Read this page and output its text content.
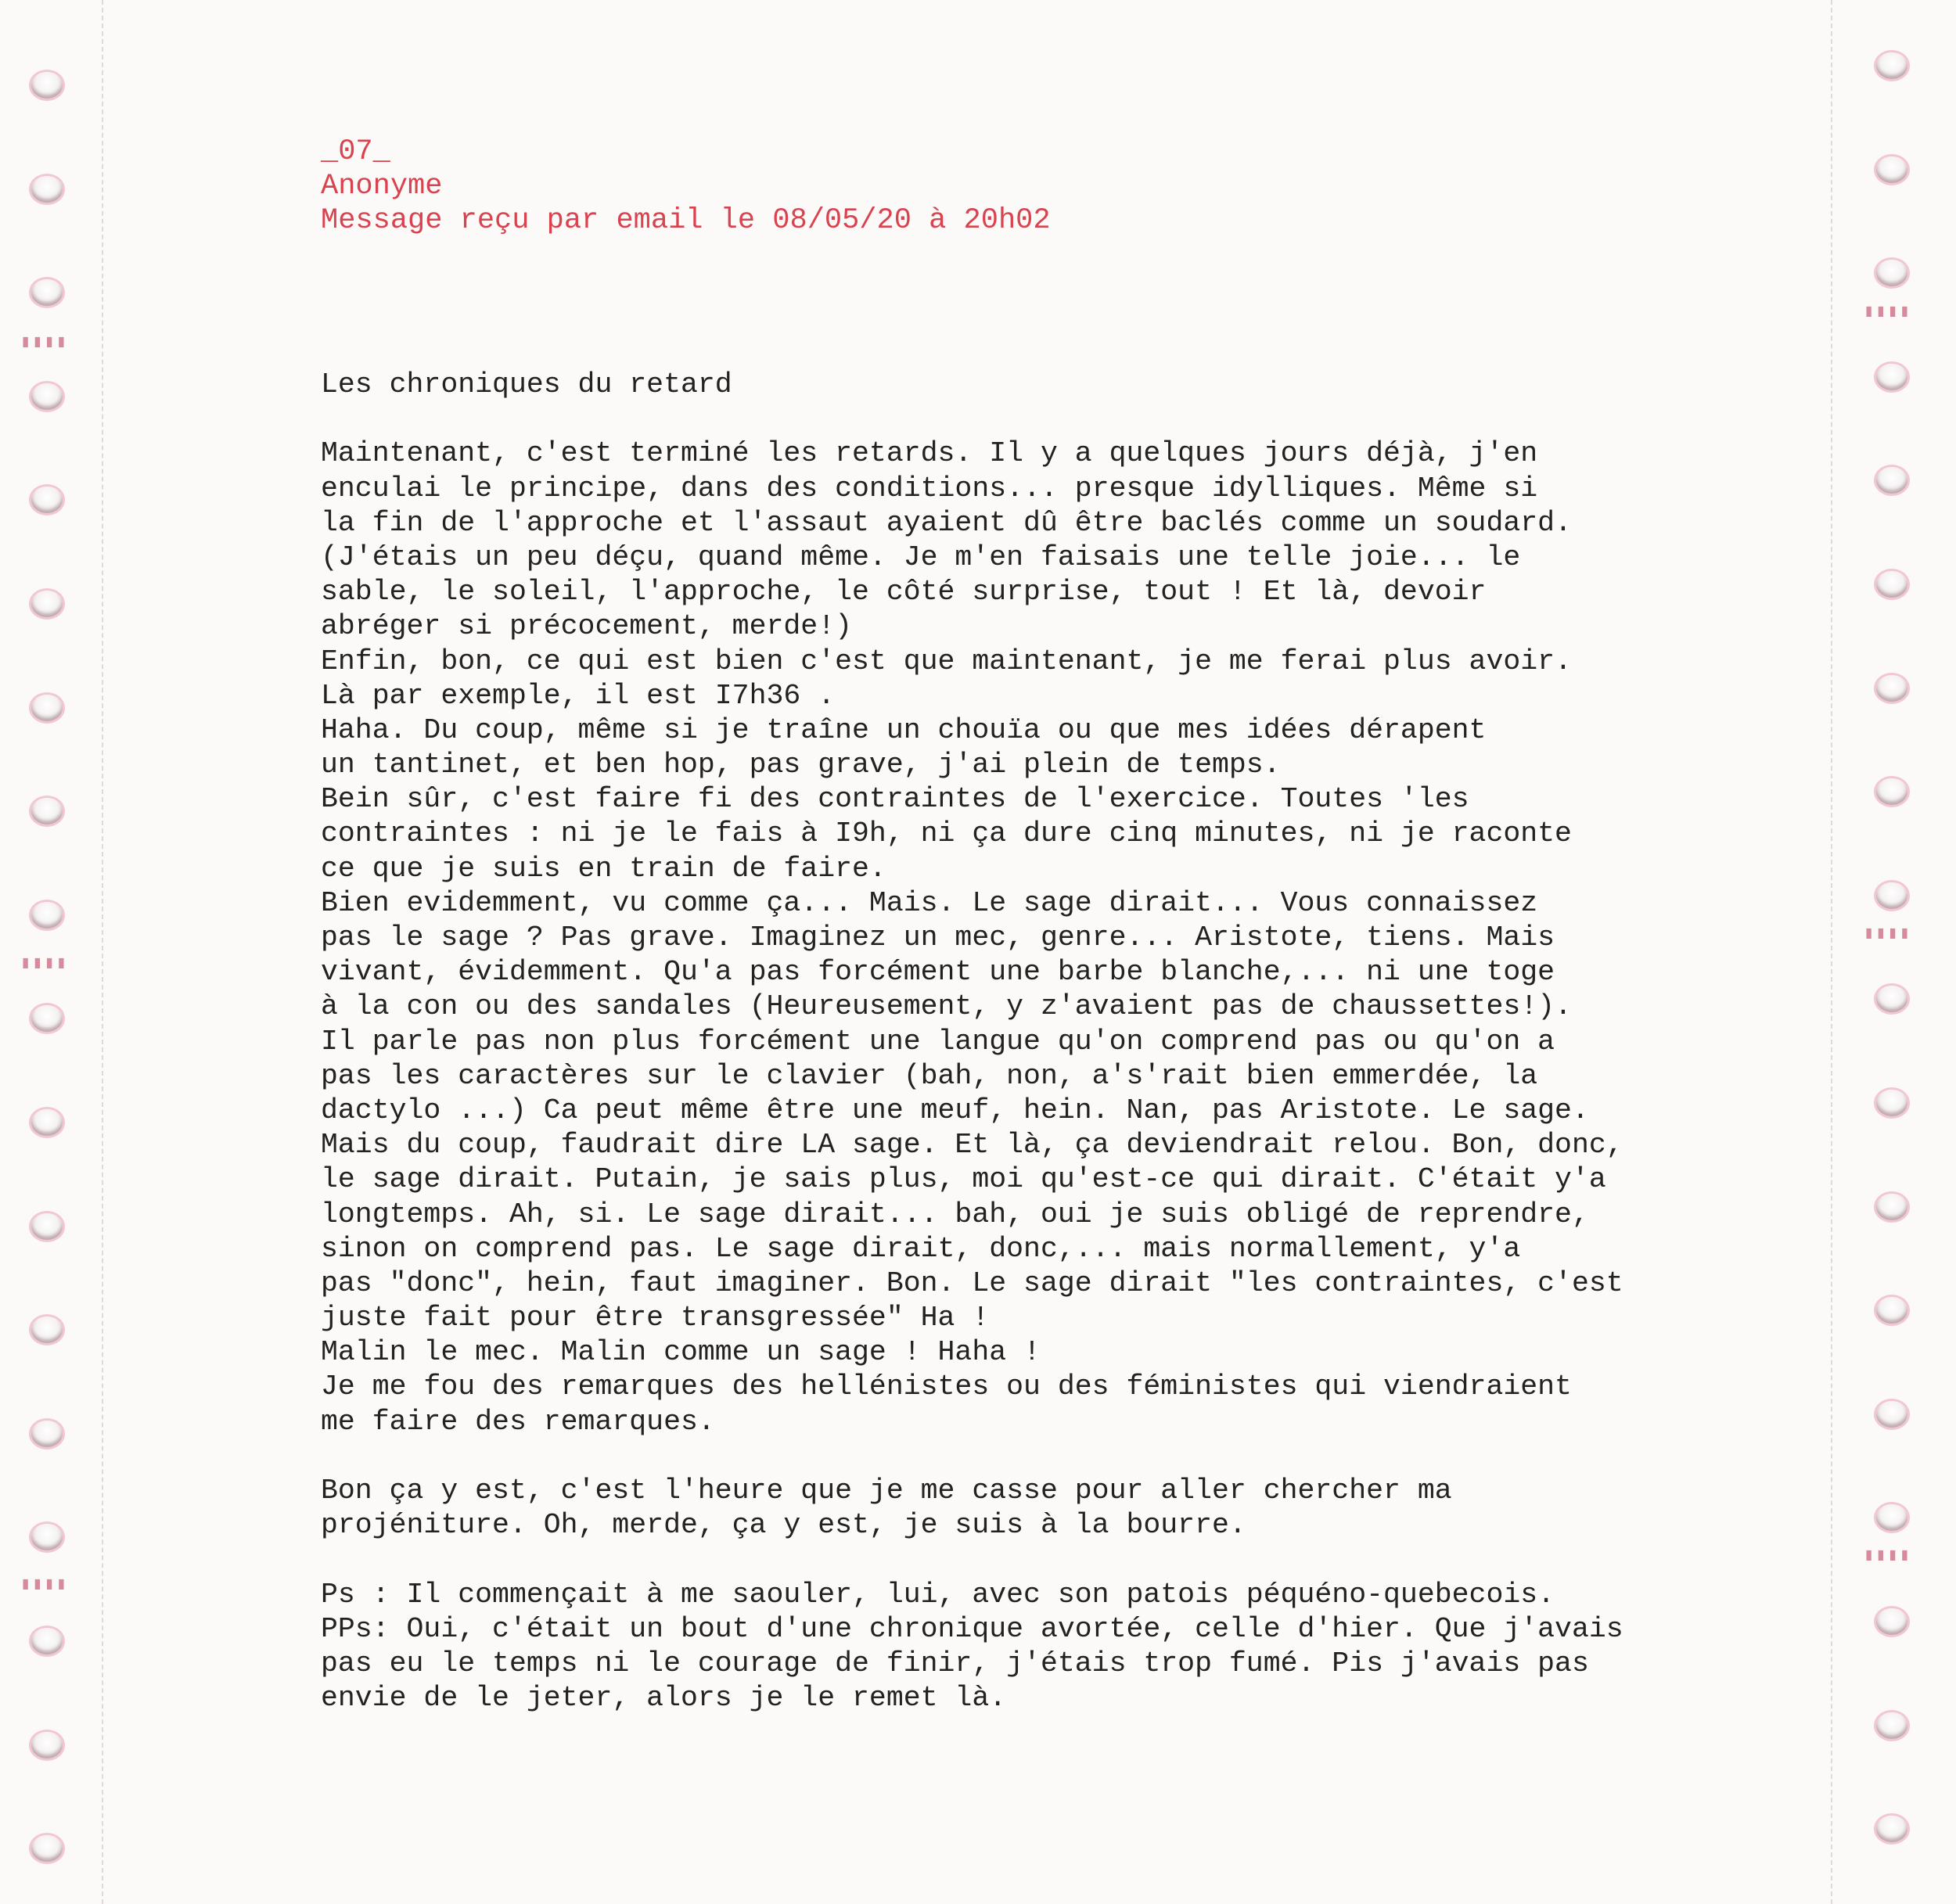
▮▮▮▮
▮▮▮▮
▮▮▮▮
▮▮▮▮
▮▮▮▮
▮▮▮▮
_07_
Anonyme
Message reçu par email le 08/05/20 à 20h02
Les chroniques du retard
Maintenant, c'est terminé les retards. Il y a quelques jours déjà, j'en
enculai le principe, dans des conditions... presque idylliques. Même si
la fin de l'approche et l'assaut ayaient dû être baclés comme un soudard.
(J'étais un peu déçu, quand même. Je m'en faisais une telle joie... le
sable, le soleil, l'approche, le côté surprise, tout ! Et là, devoir
abréger si précocement, merde!)
Enfin, bon, ce qui est bien c'est que maintenant, je me ferai plus avoir.
Là par exemple, il est I7h36 .
Haha. Du coup, même si je traîne un chouïa ou que mes idées dérapent
un tantinet, et ben hop, pas grave, j'ai plein de temps.
Bein sûr, c'est faire fi des contraintes de l'exercice. Toutes 'les
contraintes : ni je le fais à I9h, ni ça dure cinq minutes, ni je raconte
ce que je suis en train de faire.
Bien evidemment, vu comme ça... Mais. Le sage dirait... Vous connaissez
pas le sage ? Pas grave. Imaginez un mec, genre... Aristote, tiens. Mais
vivant, évidemment. Qu'a pas forcément une barbe blanche,... ni une toge
à la con ou des sandales (Heureusement, y z'avaient pas de chaussettes!).
Il parle pas non plus forcément une langue qu'on comprend pas ou qu'on a
pas les caractères sur le clavier (bah, non, a's'rait bien emmerdée, la
dactylo ...) Ca peut même être une meuf, hein. Nan, pas Aristote. Le sage.
Mais du coup, faudrait dire LA sage. Et là, ça deviendrait relou. Bon, donc,
le sage dirait. Putain, je sais plus, moi qu'est-ce qui dirait. C'était y'a
longtemps. Ah, si. Le sage dirait... bah, oui je suis obligé de reprendre,
sinon on comprend pas. Le sage dirait, donc,... mais normallement, y'a
pas "donc", hein, faut imaginer. Bon. Le sage dirait "les contraintes, c'est
juste fait pour être transgressée" Ha !
Malin le mec. Malin comme un sage ! Haha !
Je me fou des remarques des hellénistes ou des féministes qui viendraient
me faire des remarques.
Bon ça y est, c'est l'heure que je me casse pour aller chercher ma
projéniture. Oh, merde, ça y est, je suis à la bourre.
Ps : Il commençait à me saouler, lui, avec son patois péquéno-quebecois.
PPs: Oui, c'était un bout d'une chronique avortée, celle d'hier. Que j'avais
pas eu le temps ni le courage de finir, j'étais trop fumé. Pis j'avais pas
envie de le jeter, alors je le remet là.
